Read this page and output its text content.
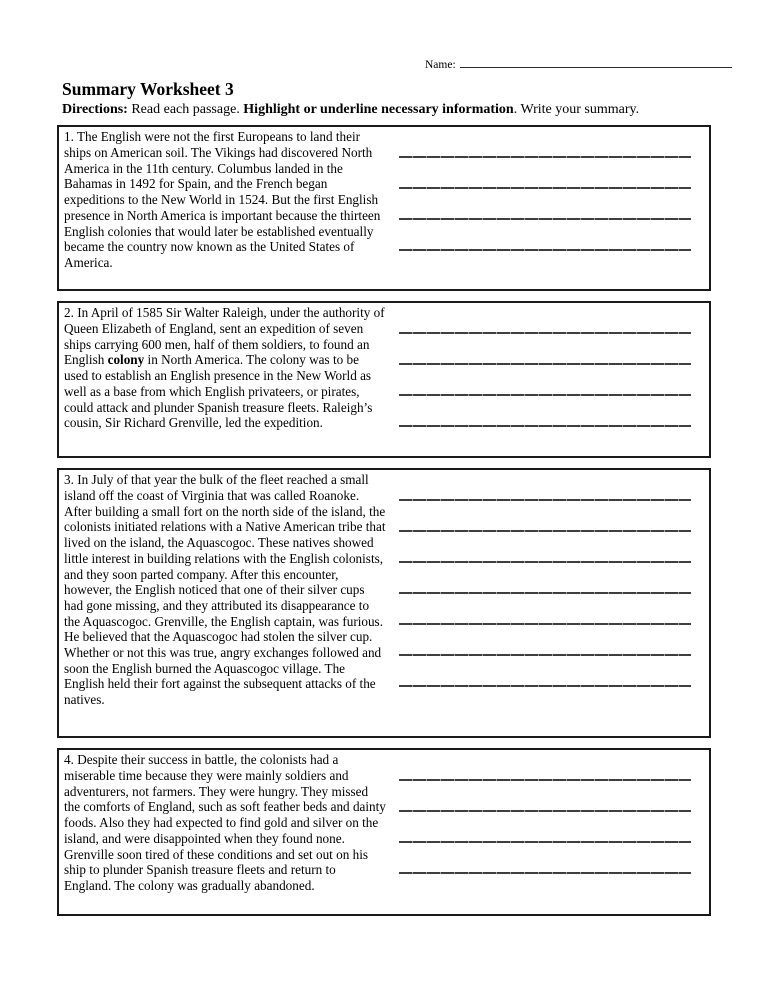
Name:
Summary Worksheet 3
Directions: Read each passage. Highlight or underline necessary information. Write your summary.
1. The English were not the first Europeans to land their ships on American soil. The Vikings had discovered North America in the 11th century. Columbus landed in the Bahamas in 1492 for Spain, and the French began expeditions to the New World in 1524. But the first English presence in North America is important because the thirteen English colonies that would later be established eventually became the country now known as the United States of America.
2. In April of 1585 Sir Walter Raleigh, under the authority of Queen Elizabeth of England, sent an expedition of seven ships carrying 600 men, half of them soldiers, to found an English colony in North America. The colony was to be used to establish an English presence in the New World as well as a base from which English privateers, or pirates, could attack and plunder Spanish treasure fleets. Raleigh’s cousin, Sir Richard Grenville, led the expedition.
3. In July of that year the bulk of the fleet reached a small island off the coast of Virginia that was called Roanoke. After building a small fort on the north side of the island, the colonists initiated relations with a Native American tribe that lived on the island, the Aquascogoc. These natives showed little interest in building relations with the English colonists, and they soon parted company. After this encounter, however, the English noticed that one of their silver cups had gone missing, and they attributed its disappearance to the Aquascogoc. Grenville, the English captain, was furious. He believed that the Aquascogoc had stolen the silver cup. Whether or not this was true, angry exchanges followed and soon the English burned the Aquascogoc village. The English held their fort against the subsequent attacks of the natives.
4. Despite their success in battle, the colonists had a miserable time because they were mainly soldiers and adventurers, not farmers. They were hungry. They missed the comforts of England, such as soft feather beds and dainty foods. Also they had expected to find gold and silver on the island, and were disappointed when they found none. Grenville soon tired of these conditions and set out on his ship to plunder Spanish treasure fleets and return to England. The colony was gradually abandoned.
